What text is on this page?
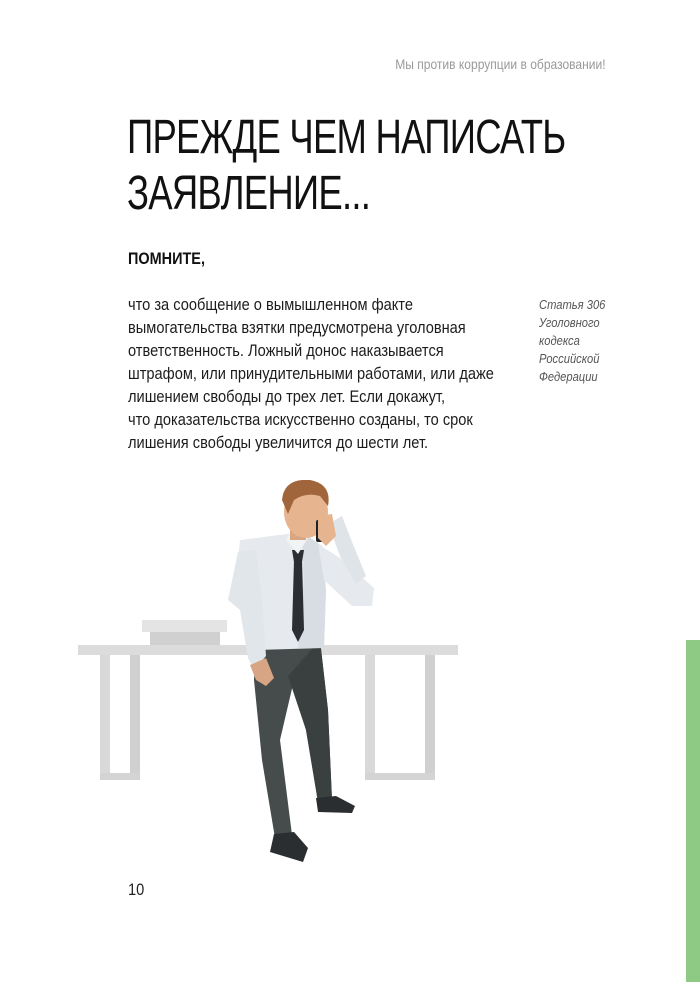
Мы против коррупции в образовании!
ПРЕЖДЕ ЧЕМ НАПИСАТЬ
ЗАЯВЛЕНИЕ...
ПОМНИТЕ,
что за сообщение о вымышленном факте
вымогательства взятки предусмотрена уголовная
ответственность. Ложный донос наказывается
штрафом, или принудительными работами, или даже
лишением свободы до трех лет. Если докажут,
что доказательства искусственно созданы, то срок
лишения свободы увеличится до шести лет.
Статья 306
Уголовного
кодекса
Российской
Федерации
10
